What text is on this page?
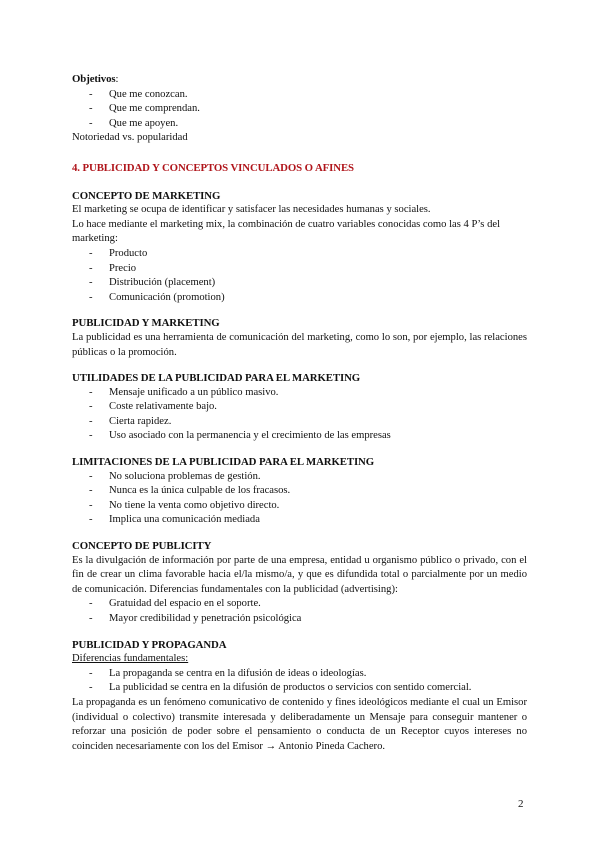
Objetivos:

- Que me conozcan.
- Que me comprendan.
- Que me apoyen.

Notoriedad vs. popularidad

4. PUBLICIDAD Y CONCEPTOS VINCULADOS O AFINES
CONCEPTO DE MARKETING

El marketing se ocupa de identificar y satisfacer las necesidades humanas y sociales.

Lo hace mediante el marketing mix, la combinación de cuatro variables conocidas como las 4 P’s del marketing:

- Producto
- Precio
- Distribución (placement)
- Comunicación (promotion)
PUBLICIDAD Y MARKETING

La publicidad es una herramienta de comunicación del marketing, como lo son, por ejemplo, las relaciones públicas o la promoción.

UTILIDADES DE LA PUBLICIDAD PARA EL MARKETING
- Mensaje unificado a un público masivo.
- Coste relativamente bajo.
- Cierta rapidez.
- Uso asociado con la permanencia y el crecimiento de las empresas
LIMITACIONES DE LA PUBLICIDAD PARA EL MARKETING
- No soluciona problemas de gestión.
- Nunca es la única culpable de los fracasos.
- No tiene la venta como objetivo directo.
- Implica una comunicación mediada
CONCEPTO DE PUBLICITY

Es la divulgación de información por parte de una empresa, entidad u organismo público o privado, con el fin de crear un clima favorable hacia el/la mismo/a, y que es difundida total o parcialmente por un medio de comunicación. Diferencias fundamentales con la publicidad (advertising):

- Gratuidad del espacio en el soporte.
- Mayor credibilidad y penetración psicológica
PUBLICIDAD Y PROPAGANDA

Diferencias fundamentales:

- La propaganda se centra en la difusión de ideas o ideologías.
- La publicidad se centra en la difusión de productos o servicios con sentido comercial.

La propaganda es un fenómeno comunicativo de contenido y fines ideológicos mediante el cual un Emisor (individual o colectivo) transmite interesada y deliberadamente un Mensaje para conseguir mantener o reforzar una posición de poder sobre el pensamiento o conducta de un Receptor cuyos intereses no coinciden necesariamente con los del Emisor → Antonio Pineda Cachero.

2
